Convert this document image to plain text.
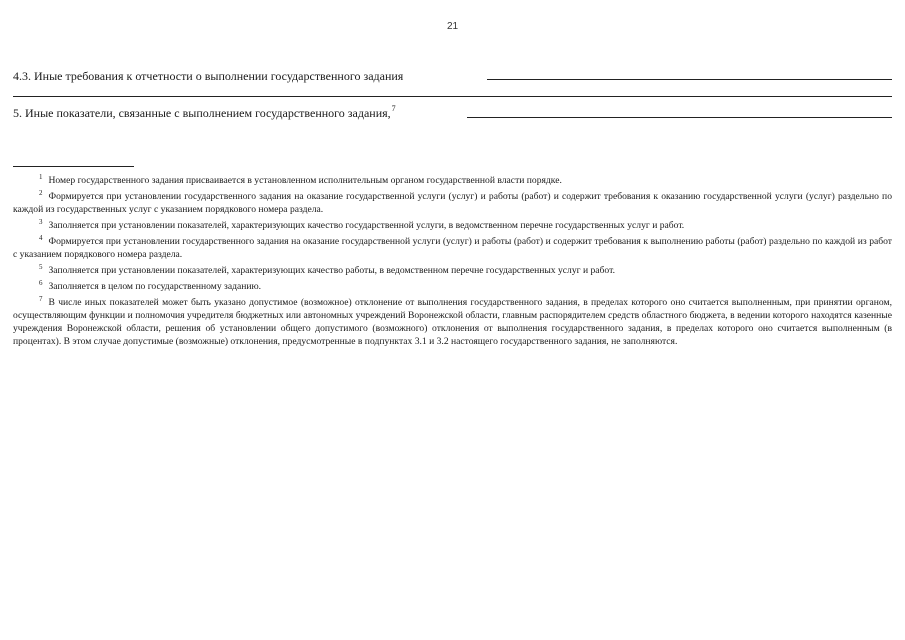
21
4.3. Иные требования к отчетности о выполнении государственного задания
5. Иные показатели, связанные с выполнением государственного задания,$^7$

$^1$ Номер государственного задания присваивается в установленном исполнительным органом государственной власти порядке.

$^2$ Формируется при установлении государственного задания на оказание государственной услуги (услуг) и работы (работ) и содержит требования к оказанию государственной услуги (услуг) раздельно по каждой из государственных услуг с указанием порядкового номера раздела.

$^3$ Заполняется при установлении показателей, характеризующих качество государственной услуги, в ведомственном перечне государственных услуг и работ.

$^4$ Формируется при установлении государственного задания на оказание государственной услуги (услуг) и работы (работ) и содержит требования к выполнению работы (работ) раздельно по каждой из работ с указанием порядкового номера раздела.

$^5$ Заполняется при установлении показателей, характеризующих качество работы, в ведомственном перечне государственных услуг и работ.

$^6$ Заполняется в целом по государственному заданию.

$^7$ В числе иных показателей может быть указано допустимое (возможное) отклонение от выполнения государственного задания, в пределах которого оно считается выполненным, при принятии органом, осуществляющим функции и полномочия учредителя бюджетных или автономных учреждений Воронежской области, главным распорядителем средств областного бюджета, в ведении которого находятся казенные учреждения Воронежской области, решения об установлении общего допустимого (возможного) отклонения от выполнения государственного задания, в пределах которого оно считается выполненным (в процентах). В этом случае допустимые (возможные) отклонения, предусмотренные в подпунктах 3.1 и 3.2 настоящего государственного задания, не заполняются.
